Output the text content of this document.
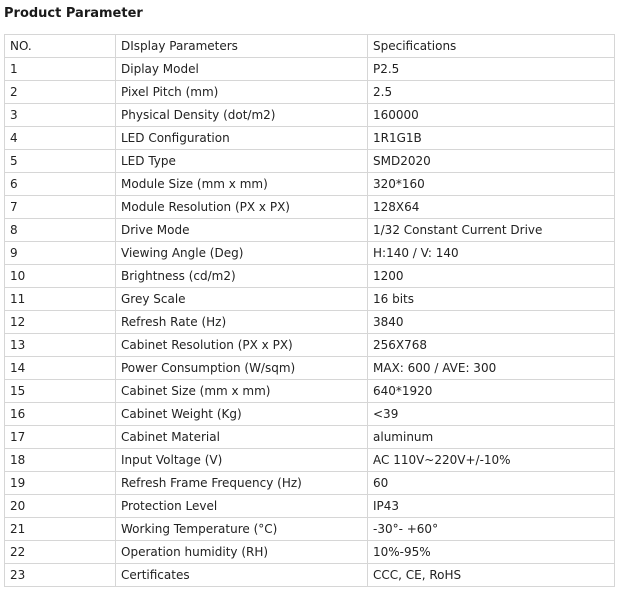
Product Parameter
NO.	DIsplay Parameters	Specifications
1	Diplay Model	P2.5
2	Pixel Pitch (mm)	2.5
3	Physical Density (dot/m2)	160000
4	LED Configuration	1R1G1B
5	LED Type	SMD2020
6	Module Size (mm x mm)	320*160
7	Module Resolution (PX x PX)	128X64
8	Drive Mode	1/32 Constant Current Drive
9	Viewing Angle (Deg)	H:140 / V: 140
10	Brightness (cd/m2)	1200
11	Grey Scale	16 bits
12	Refresh Rate (Hz)	3840
13	Cabinet Resolution (PX x PX)	256X768
14	Power Consumption (W/sqm)	MAX: 600 / AVE: 300
15	Cabinet Size (mm x mm)	640*1920
16	Cabinet Weight (Kg)	<39
17	Cabinet Material	aluminum
18	Input Voltage (V)	AC 110V~220V+/-10%
19	Refresh Frame Frequency (Hz)	60
20	Protection Level	IP43
21	Working Temperature (°C)	-30°- +60°
22	Operation humidity (RH)	10%-95%
23	Certificates	CCC, CE, RoHS
